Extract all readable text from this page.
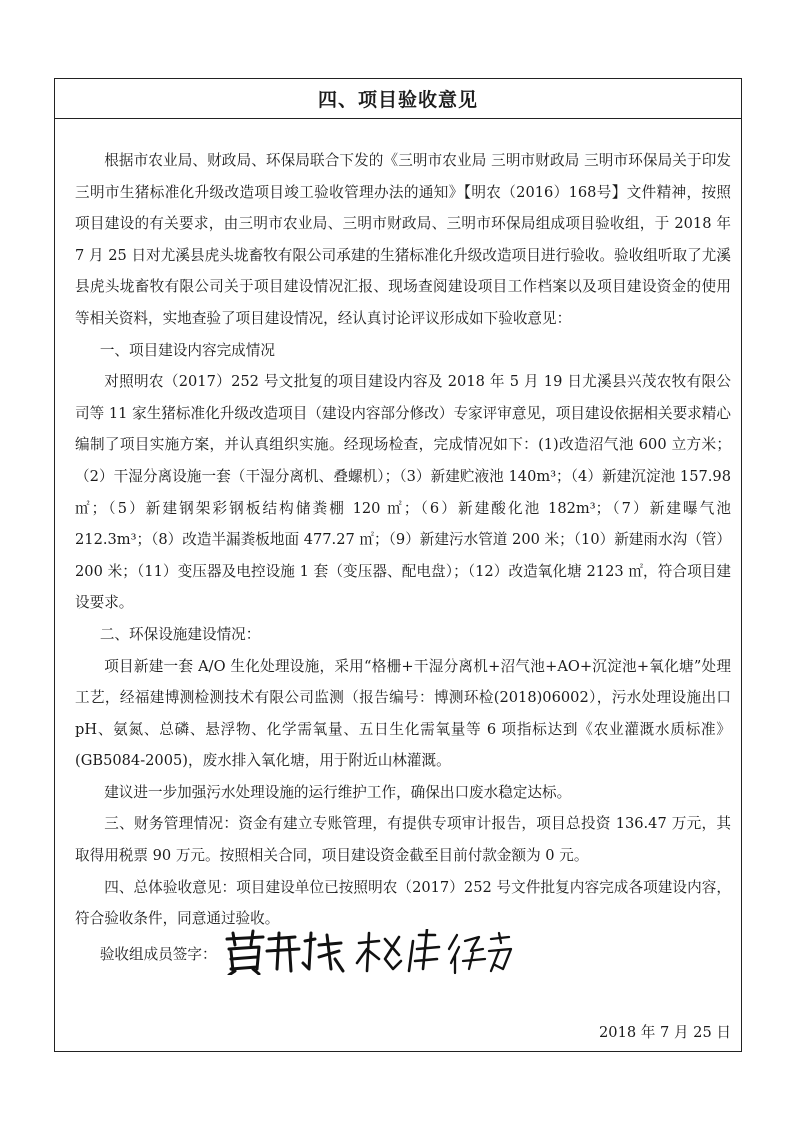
四、项目验收意见

根据市农业局、财政局、环保局联合下发的《三明市农业局 三明市财政局 三明市环保局关于印发三明市生猪标准化升级改造项目竣工验收管理办法的通知》【明农（2016）168号】文件精神，按照项目建设的有关要求，由三明市农业局、三明市财政局、三明市环保局组成项目验收组，于 2018 年 7 月 25 日对尤溪县虎头垅畜牧有限公司承建的生猪标准化升级改造项目进行验收。验收组听取了尤溪县虎头垅畜牧有限公司关于项目建设情况汇报、现场查阅建设项目工作档案以及项目建设资金的使用等相关资料，实地查验了项目建设情况，经认真讨论评议形成如下验收意见：

一、项目建设内容完成情况

对照明农（2017）252 号文批复的项目建设内容及 2018 年 5 月 19 日尤溪县兴茂农牧有限公司等 11 家生猪标准化升级改造项目（建设内容部分修改）专家评审意见，项目建设依据相关要求精心编制了项目实施方案，并认真组织实施。经现场检查，完成情况如下：(1)改造沼气池 600 立方米；（2）干湿分离设施一套（干湿分离机、叠螺机）；（3）新建贮液池 140m³；（4）新建沉淀池 157.98 ㎡；（5）新建钢架彩钢板结构储粪棚 120 ㎡；（6）新建酸化池 182m³；（7）新建曝气池 212.3m³；（8）改造半漏粪板地面 477.27 ㎡；（9）新建污水管道 200 米；（10）新建雨水沟（管）200 米；（11）变压器及电控设施 1 套（变压器、配电盘）；（12）改造氧化塘 2123 ㎡，符合项目建设要求。

二、环保设施建设情况：

项目新建一套 A/O 生化处理设施，采用“格栅+干湿分离机+沼气池+AO+沉淀池+氧化塘”处理工艺，经福建博测检测技术有限公司监测（报告编号：博测环检(2018)06002），污水处理设施出口 pH、氨氮、总磷、悬浮物、化学需氧量、五日生化需氧量等 6 项指标达到《农业灌溉水质标准》(GB5084-2005)，废水排入氧化塘，用于附近山林灌溉。

建议进一步加强污水处理设施的运行维护工作，确保出口废水稳定达标。

三、财务管理情况：资金有建立专账管理，有提供专项审计报告，项目总投资 136.47 万元，其取得用税票 90 万元。按照相关合同，项目建设资金截至目前付款金额为 0 元。

四、总体验收意见：项目建设单位已按照明农（2017）252 号文件批复内容完成各项建设内容，符合验收条件，同意通过验收。

验收组成员签字：
2018 年 7 月 25 日
